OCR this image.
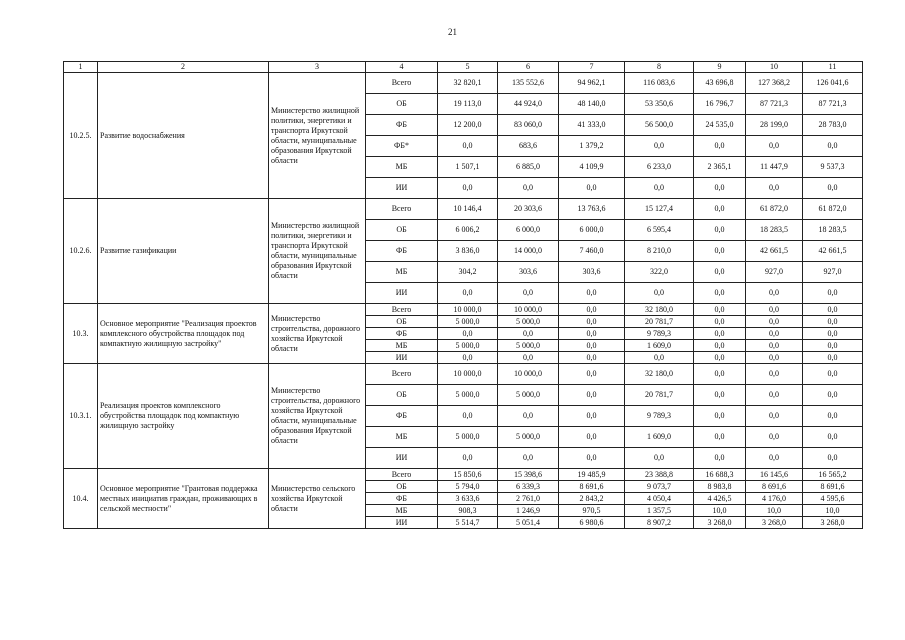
21
1	2	3	4	5	6	7	8	9	10	11
10.2.5.	Развитие водоснабжения	Министерство жилищной политики, энергетики и транспорта Иркутской области, муниципальные образования Иркутской области	Всего	32 820,1	135 552,6	94 962,1	116 083,6	43 696,8	127 368,2	126 041,6
			ОБ	19 113,0	44 924,0	48 140,0	53 350,6	16 796,7	87 721,3	87 721,3
			ФБ	12 200,0	83 060,0	41 333,0	56 500,0	24 535,0	28 199,0	28 783,0
			ФБ*	0,0	683,6	1 379,2	0,0	0,0	0,0	0,0
			МБ	1 507,1	6 885,0	4 109,9	6 233,0	2 365,1	11 447,9	9 537,3
			ИИ	0,0	0,0	0,0	0,0	0,0	0,0	0,0
10.2.6.	Развитие газификации	Министерство жилищной политики, энергетики и транспорта Иркутской области, муниципальные образования Иркутской области	Всего	10 146,4	20 303,6	13 763,6	15 127,4	0,0	61 872,0	61 872,0
			ОБ	6 006,2	6 000,0	6 000,0	6 595,4	0,0	18 283,5	18 283,5
			ФБ	3 836,0	14 000,0	7 460,0	8 210,0	0,0	42 661,5	42 661,5
			МБ	304,2	303,6	303,6	322,0	0,0	927,0	927,0
			ИИ	0,0	0,0	0,0	0,0	0,0	0,0	0,0
10.3.	Основное мероприятие "Реализация проектов комплексного обустройства площадок под компактную жилищную застройку"	Министерство строительства, дорожного хозяйства Иркутской области	Всего	10 000,0	10 000,0	0,0	32 180,0	0,0	0,0	0,0
			ОБ	5 000,0	5 000,0	0,0	20 781,7	0,0	0,0	0,0
			ФБ	0,0	0,0	0,0	9 789,3	0,0	0,0	0,0
			МБ	5 000,0	5 000,0	0,0	1 609,0	0,0	0,0	0,0
			ИИ	0,0	0,0	0,0	0,0	0,0	0,0	0,0
10.3.1.	Реализация проектов комплексного обустройства площадок под компактную жилищную застройку	Министерство строительства, дорожного хозяйства Иркутской области, муниципальные образования Иркутской области	Всего	10 000,0	10 000,0	0,0	32 180,0	0,0	0,0	0,0
			ОБ	5 000,0	5 000,0	0,0	20 781,7	0,0	0,0	0,0
			ФБ	0,0	0,0	0,0	9 789,3	0,0	0,0	0,0
			МБ	5 000,0	5 000,0	0,0	1 609,0	0,0	0,0	0,0
			ИИ	0,0	0,0	0,0	0,0	0,0	0,0	0,0
10.4.	Основное мероприятие "Грантовая поддержка местных инициатив граждан, проживающих в сельской местности"	Министерство сельского хозяйства Иркутской области	Всего	15 850,6	15 398,6	19 485,9	23 388,8	16 688,3	16 145,6	16 565,2
			ОБ	5 794,0	6 339,3	8 691,6	9 073,7	8 983,8	8 691,6	8 691,6
			ФБ	3 633,6	2 761,0	2 843,2	4 050,4	4 426,5	4 176,0	4 595,6
			МБ	908,3	1 246,9	970,5	1 357,5	10,0	10,0	10,0
			ИИ	5 514,7	5 051,4	6 980,6	8 907,2	3 268,0	3 268,0	3 268,0
